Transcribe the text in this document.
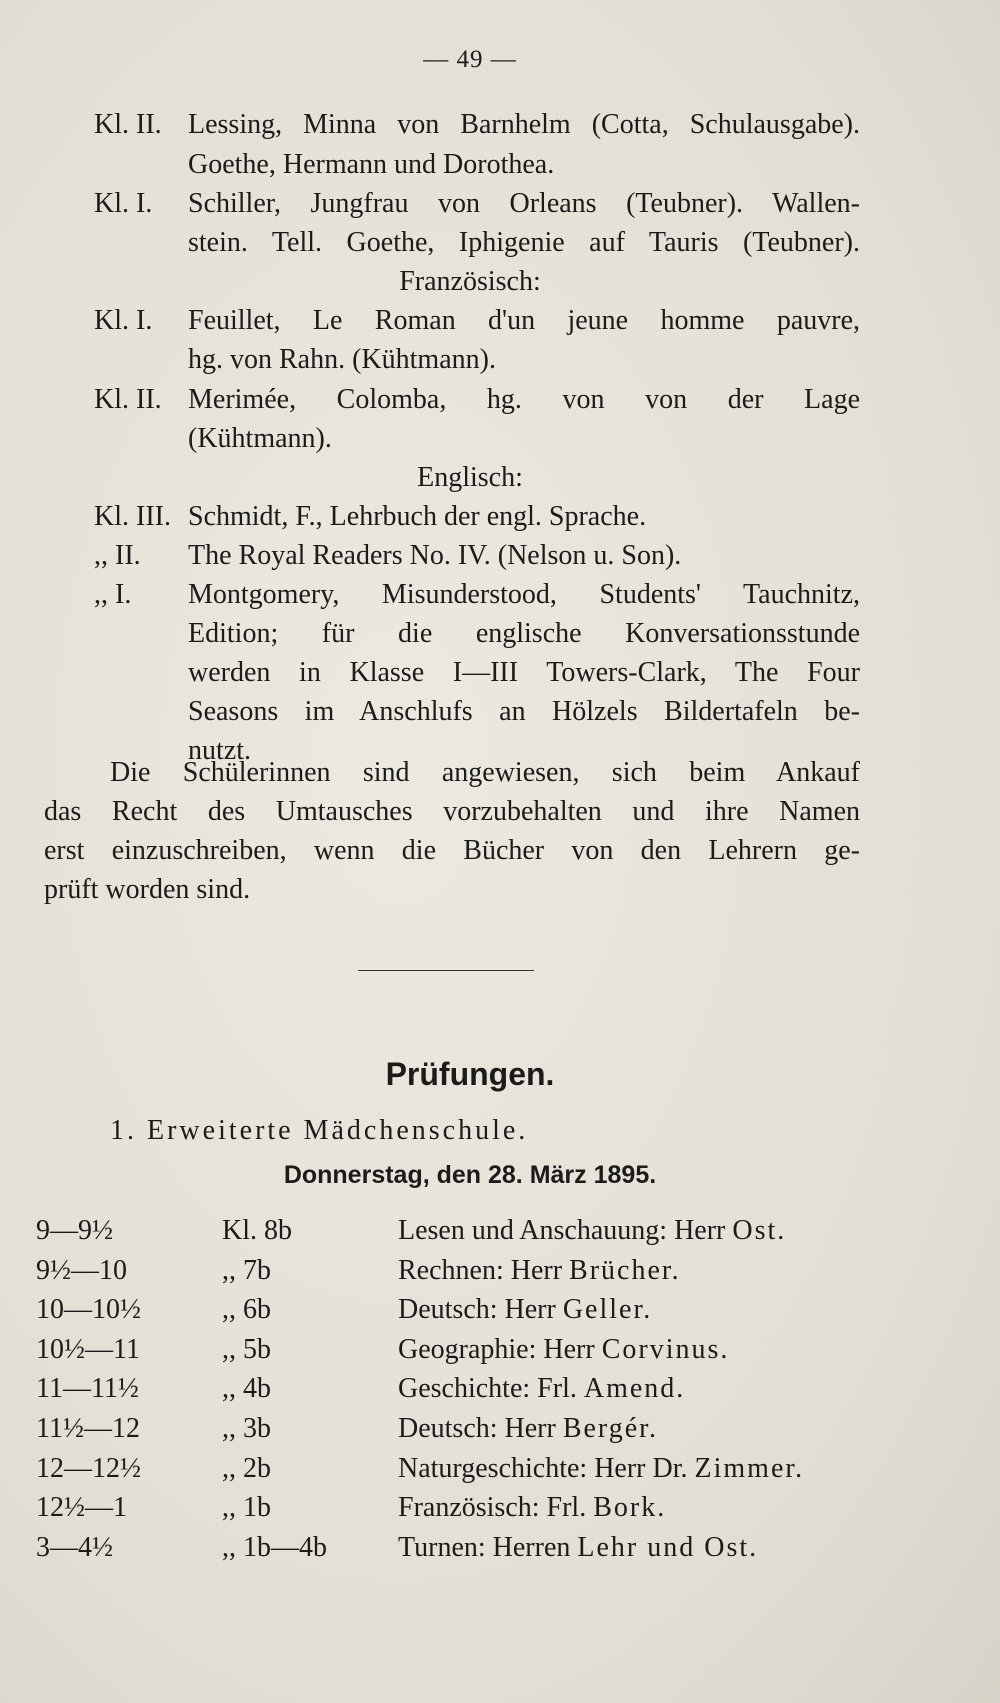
— 49 —
Kl. II. Lessing, Minna von Barnhelm (Cotta, Schulausgabe).
Goethe, Hermann und Dorothea.
Kl. I. Schiller, Jungfrau von Orleans (Teubner). Wallen-
stein. Tell. Goethe, Iphigenie auf Tauris (Teubner).
Französisch:
Kl. I. Feuillet, Le Roman d'un jeune homme pauvre,
hg. von Rahn. (Kühtmann).
Kl. II. Merimée, Colomba, hg. von von der Lage
(Kühtmann).
Englisch:
Kl. III. Schmidt, F., Lehrbuch der engl. Sprache.
,, II. The Royal Readers No. IV. (Nelson u. Son).
,, I. Montgomery, Misunderstood, Students' Tauchnitz,
Edition; für die englische Konversationsstunde
werden in Klasse I—III Towers-Clark, The Four
Seasons im Anschlufs an Hölzels Bildertafeln be-
nutzt.
Die Schülerinnen sind angewiesen, sich beim Ankauf
das Recht des Umtausches vorzubehalten und ihre Namen
erst einzuschreiben, wenn die Bücher von den Lehrern ge-
prüft worden sind.
Prüfungen.
1. Erweiterte Mädchenschule.
Donnerstag, den 28. März 1895.
9—9½	Kl. 8b	Lesen und Anschauung: Herr Ost.
9½—10	,, 7b	Rechnen: Herr Brücher.
10—10½	,, 6b	Deutsch: Herr Geller.
10½—11	,, 5b	Geographie: Herr Corvinus.
11—11½	,, 4b	Geschichte: Frl. Amend.
11½—12	,, 3b	Deutsch: Herr Bergér.
12—12½	,, 2b	Naturgeschichte: Herr Dr. Zimmer.
12½—1	,, 1b	Französisch: Frl. Bork.
3—4½	,, 1b—4b	Turnen: Herren Lehr und Ost.
